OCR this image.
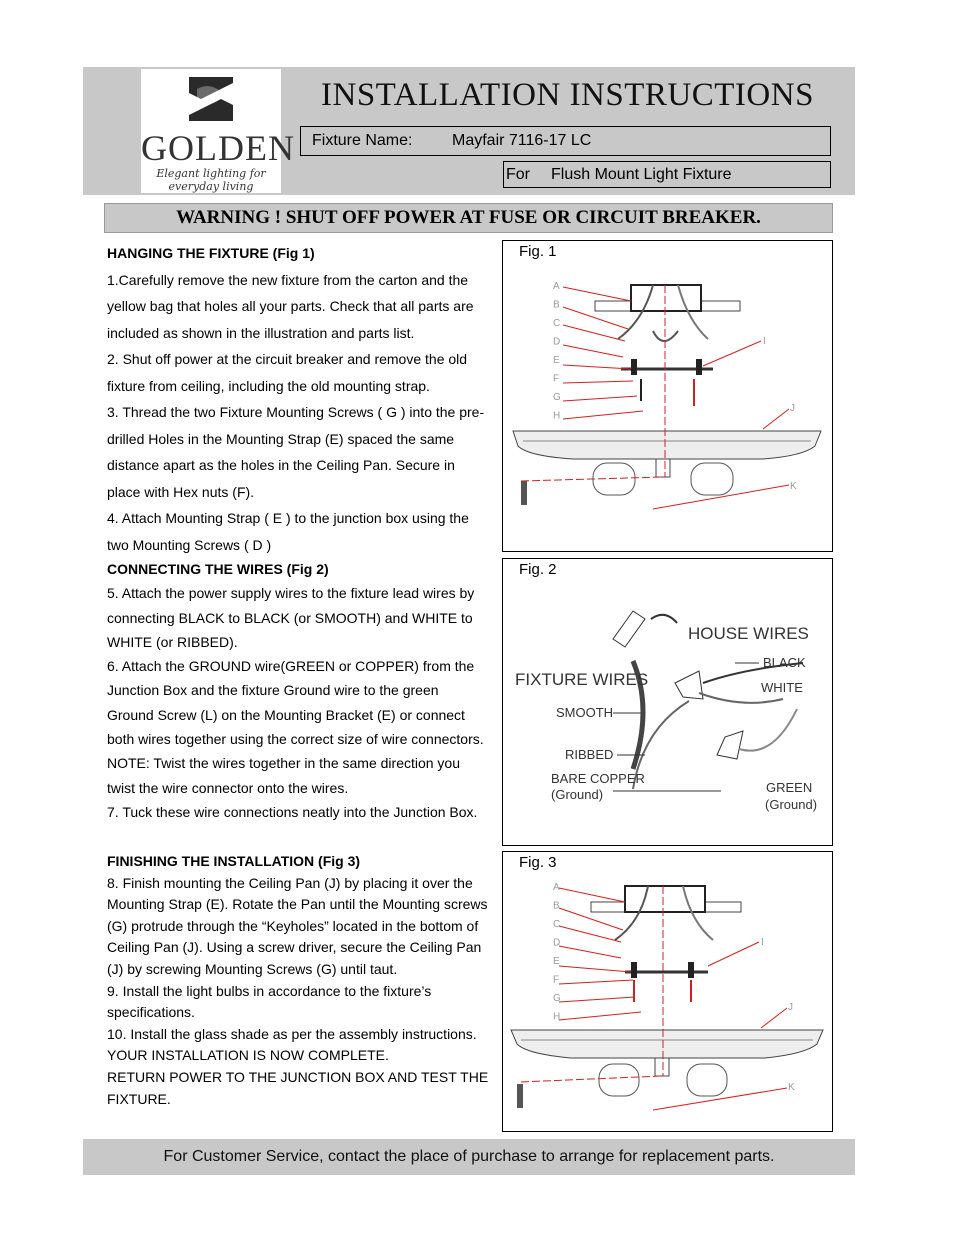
GOLDEN
Elegant lighting for everyday living
INSTALLATION INSTRUCTIONS
Fixture Name: Mayfair 7116-17 LC
For Flush Mount Light Fixture
WARNING ! SHUT OFF POWER AT FUSE OR CIRCUIT BREAKER.

HANGING THE FIXTURE (Fig 1)

1.Carefully remove the new fixture from the carton and the yellow bag that holes all your parts. Check that all parts are included as shown in the illustration and parts list.

2. Shut off power at the circuit breaker and remove the old fixture from ceiling, including the old mounting strap.

3. Thread the two Fixture Mounting Screws ( G ) into the pre-drilled Holes in the Mounting Strap (E) spaced the same distance apart as the holes in the Ceiling Pan. Secure in place with Hex nuts (F).

4. Attach Mounting Strap ( E ) to the junction box using the two Mounting Screws ( D )

CONNECTING THE WIRES (Fig 2)

5. Attach the power supply wires to the fixture lead wires by connecting BLACK to BLACK (or SMOOTH) and WHITE to WHITE (or RIBBED).

6. Attach the GROUND wire(GREEN or COPPER) from the Junction Box and the fixture Ground wire to the green Ground Screw (L) on the Mounting Bracket (E) or connect both wires together using the correct size of wire connectors. NOTE: Twist the wires together in the same direction you twist the wire connector onto the wires.

7. Tuck these wire connections neatly into the Junction Box.

FINISHING THE INSTALLATION (Fig 3)

8. Finish mounting the Ceiling Pan (J) by placing it over the Mounting Strap (E). Rotate the Pan until the Mounting screws (G) protrude through the “Keyholes” located in the bottom of Ceiling Pan (J). Using a screw driver, secure the Ceiling Pan (J) by screwing Mounting Screws (G) until taut.

9. Install the light bulbs in accordance to the fixture’s specifications.

10. Install the glass shade as per the assembly instructions.

YOUR INSTALLATION IS NOW COMPLETE.

RETURN POWER TO THE JUNCTION BOX AND TEST THE FIXTURE.

A
B
C
D
E
F
G
H
I
J
K
Fig. 1
HOUSE WIRES
FIXTURE WIRES
BLACK
WHITE
SMOOTH
RIBBED
BARE COPPER
(Ground)	GREEN
(Ground)
Fig. 2
A
B
C
D
E
F
G
H
I
J
K
Fig. 3
For Customer Service, contact the place of purchase to arrange for replacement parts.
